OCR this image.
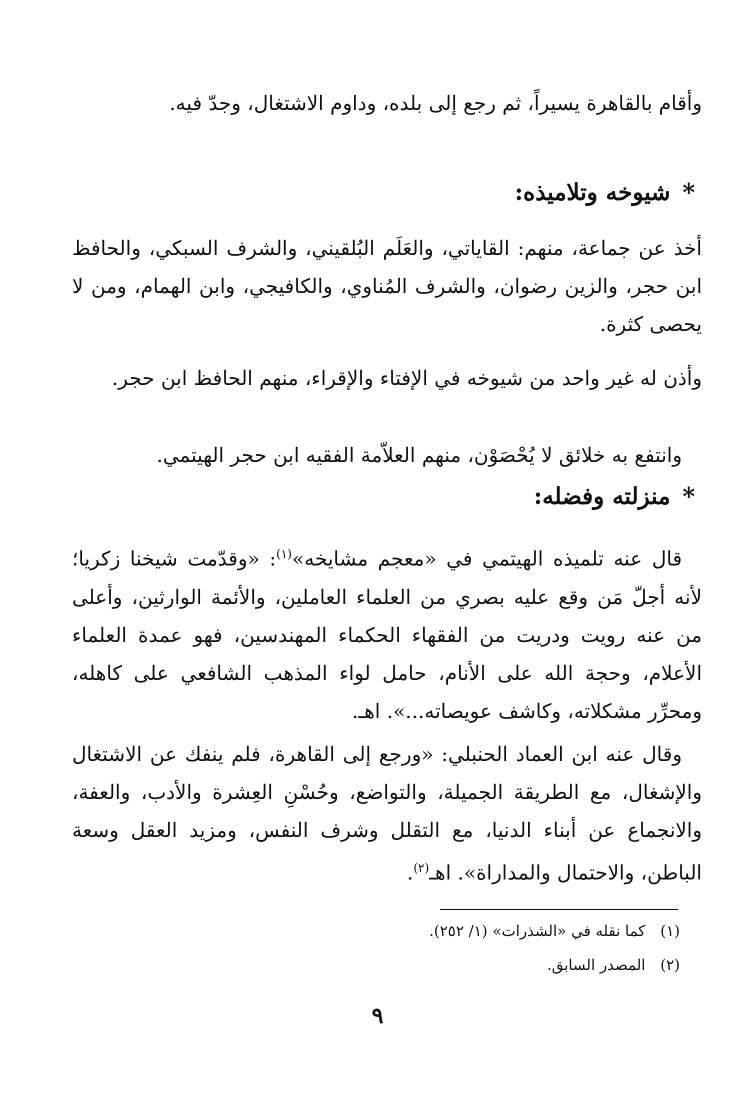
وأقام بالقاهرة يسيراً، ثم رجع إلى بلده، وداوم الاشتغال، وجدّ فيه.

*
شيوخه وتلاميذه:

أخذ عن جماعة، منهم: القاياتي، والعَلَم البُلقيني، والشرف السبكي، والحافظ ابن حجر، والزين رضوان، والشرف المُناوي، والكافيجي، وابن الهمام، ومن لا يحصى كثرة.

وأذن له غير واحد من شيوخه في الإفتاء والإقراء، منهم الحافظ ابن حجر.

وانتفع به خلائق لا يُحْصَوْن، منهم العلاّمة الفقيه ابن حجر الهيتمي.

*
منزلته وفضله:

قال عنه تلميذه الهيتمي في «معجم مشايخه»$^{(١)}$: «وقدّمت شيخنا زكريا؛ لأنه أجلّ مَن وقع عليه بصري من العلماء العاملين، والأئمة الوارثين، وأعلى من عنه رويت ودريت من الفقهاء الحكماء المهندسين، فهو عمدة العلماء الأعلام، وحجة الله على الأنام، حامل لواء المذهب الشافعي على كاهله، ومحرِّر مشكلاته، وكاشف عويصاته...». اهـ.

وقال عنه ابن العماد الحنبلي: «ورجع إلى القاهرة، فلم ينفك عن الاشتغال والإشغال، مع الطريقة الجميلة، والتواضع، وحُسْنِ العِشرة والأدب، والعفة، والانجماع عن أبناء الدنيا، مع التقلل وشرف النفس، ومزيد العقل وسعة الباطن، والاحتمال والمداراة». اهـ$^{(٢)}$.

(١) كما نقله في «الشذرات» (١/ ٢٥٢).
(٢) المصدر السابق.
٩
